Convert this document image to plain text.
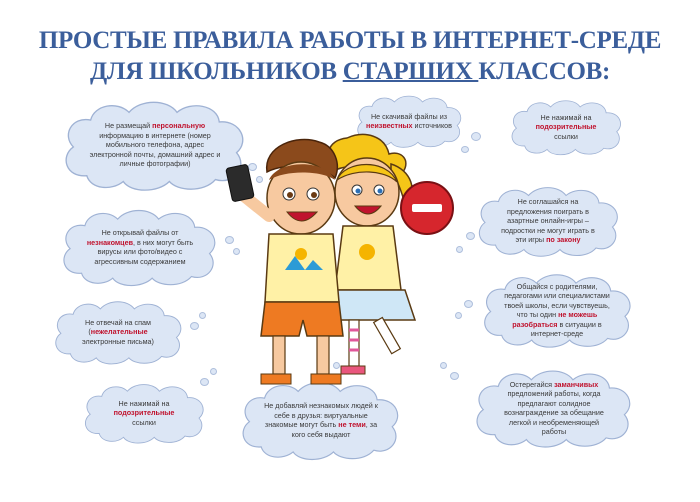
ПРОСТЫЕ ПРАВИЛА РАБОТЫ В ИНТЕРНЕТ-СРЕДЕ
ДЛЯ ШКОЛЬНИКОВ СТАРШИХ КЛАССОВ:

Не размещай персональную информацию в интернете (номер мобильного телефона, адрес электронной почты, домашний адрес и личные фотографии)

Не скачивай файлы из неизвестных источников

Не нажимай на подозрительные ссылки

Не открывай файлы от незнакомцев, в них могут быть вирусы или фото/видео с агрессивным содержанием

Не соглашайся на предложения поиграть в азартные онлайн-игры – подростки не могут играть в эти игры по закону

Не отвечай на спам (нежелательные электронные письма)

Общайся с родителями, педагогами или специалистами твоей школы, если чувствуешь, что ты один не можешь разобраться в ситуации в интернет-среде

Не нажимай на подозрительные ссылки

Не добавляй незнакомых людей к себе в друзья: виртуальные знакомые могут быть не теми, за кого себя выдают

Остерегайся заманчивых предложений работы, когда предлагают солидное вознаграждение за обещание легкой и необременяющей работы
